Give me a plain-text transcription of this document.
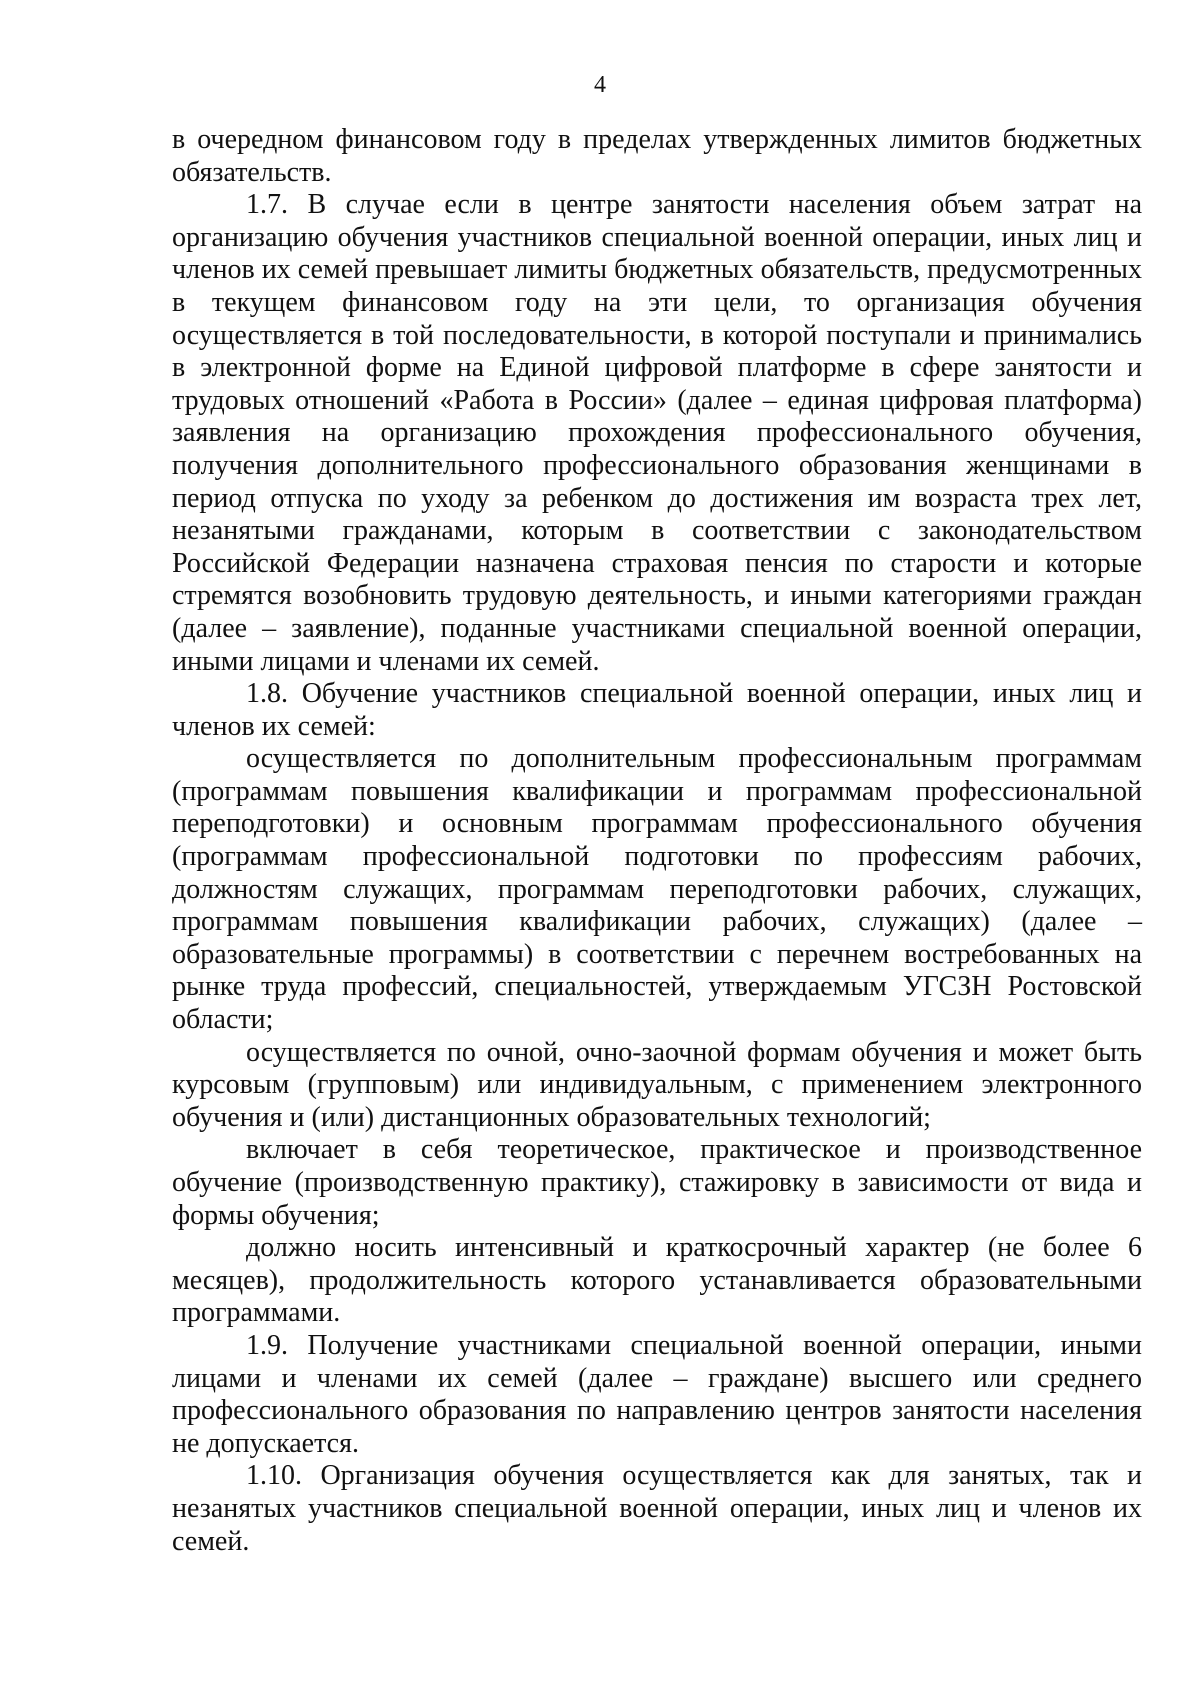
4

в очередном финансовом году в пределах утвержденных лимитов бюджетных обязательств.

1.7. В случае если в центре занятости населения объем затрат на организацию обучения участников специальной военной операции, иных лиц и членов их семей превышает лимиты бюджетных обязательств, предусмотренных в текущем финансовом году на эти цели, то организация обучения осуществляется в той последовательности, в которой поступали и принимались в электронной форме на Единой цифровой платформе в сфере занятости и трудовых отношений «Работа в России» (далее – единая цифровая платформа) заявления на организацию прохождения профессионального обучения, получения дополнительного профессионального образования женщинами в период отпуска по уходу за ребенком до достижения им возраста трех лет, незанятыми гражданами, которым в соответствии с законодательством Российской Федерации назначена страховая пенсия по старости и которые стремятся возобновить трудовую деятельность, и иными категориями граждан (далее – заявление), поданные участниками специальной военной операции, иными лицами и членами их семей.

1.8. Обучение участников специальной военной операции, иных лиц и членов их семей:

осуществляется по дополнительным профессиональным программам (программам повышения квалификации и программам профессиональной переподготовки) и основным программам профессионального обучения (программам профессиональной подготовки по профессиям рабочих, должностям служащих, программам переподготовки рабочих, служащих, программам повышения квалификации рабочих, служащих) (далее – образовательные программы) в соответствии с перечнем востребованных на рынке труда профессий, специальностей, утверждаемым УГСЗН Ростовской области;

осуществляется по очной, очно-заочной формам обучения и может быть курсовым (групповым) или индивидуальным, с применением электронного обучения и (или) дистанционных образовательных технологий;

включает в себя теоретическое, практическое и производственное обучение (производственную практику), стажировку в зависимости от вида и формы обучения;

должно носить интенсивный и краткосрочный характер (не более 6 месяцев), продолжительность которого устанавливается образовательными программами.

1.9. Получение участниками специальной военной операции, иными лицами и членами их семей (далее – граждане) высшего или среднего профессионального образования по направлению центров занятости населения не допускается.

1.10. Организация обучения осуществляется как для занятых, так и незанятых участников специальной военной операции, иных лиц и членов их семей.
